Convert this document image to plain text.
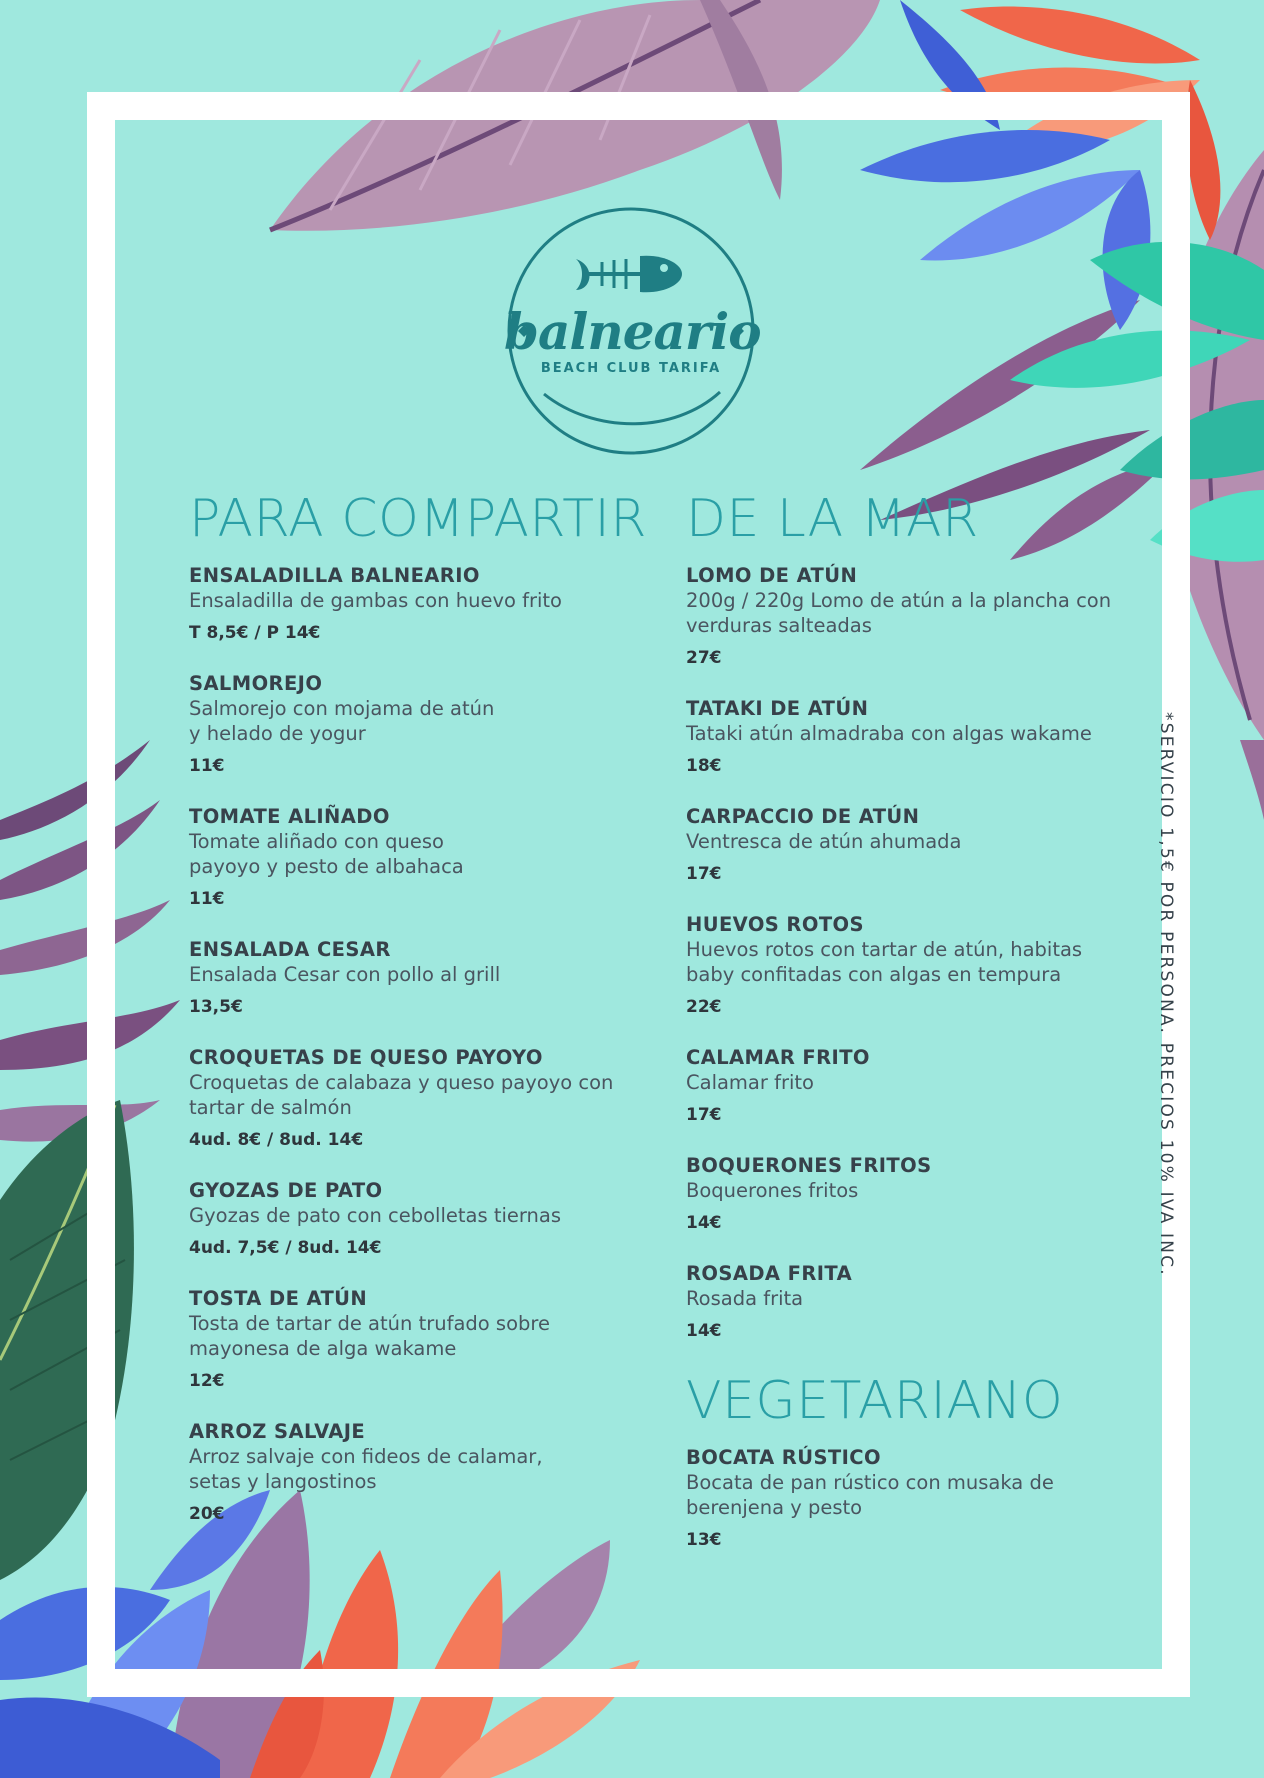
balneario
BEACH CLUB TARIFA
PARA COMPARTIR
ENSALADILLA BALNEARIO
Ensaladilla de gambas con huevo frito
T 8,5€ / P 14€
SALMOREJO
Salmorejo con mojama de atún
y helado de yogur
11€
TOMATE ALIÑADO
Tomate aliñado con queso
payoyo y pesto de albahaca
11€
ENSALADA CESAR
Ensalada Cesar con pollo al grill
13,5€
CROQUETAS DE QUESO PAYOYO
Croquetas de calabaza y queso payoyo con
tartar de salmón
4ud. 8€ / 8ud. 14€
GYOZAS DE PATO
Gyozas de pato con cebolletas tiernas
4ud. 7,5€ / 8ud. 14€
TOSTA DE ATÚN
Tosta de tartar de atún trufado sobre
mayonesa de alga wakame
12€
ARROZ SALVAJE
Arroz salvaje con fideos de calamar,
setas y langostinos
20€
DE LA MAR
LOMO DE ATÚN
200g / 220g Lomo de atún a la plancha con
verduras salteadas
27€
TATAKI DE ATÚN
Tataki atún almadraba con algas wakame
18€
CARPACCIO DE ATÚN
Ventresca de atún ahumada
17€
HUEVOS ROTOS
Huevos rotos con tartar de atún, habitas
baby confitadas con algas en tempura
22€
CALAMAR FRITO
Calamar frito
17€
BOQUERONES FRITOS
Boquerones fritos
14€
ROSADA FRITA
Rosada frita
14€
VEGETARIANO
BOCATA RÚSTICO
Bocata de pan rústico con musaka de
berenjena y pesto
13€
*SERVICIO 1,5€ POR PERSONA. PRECIOS 10% IVA INC.
